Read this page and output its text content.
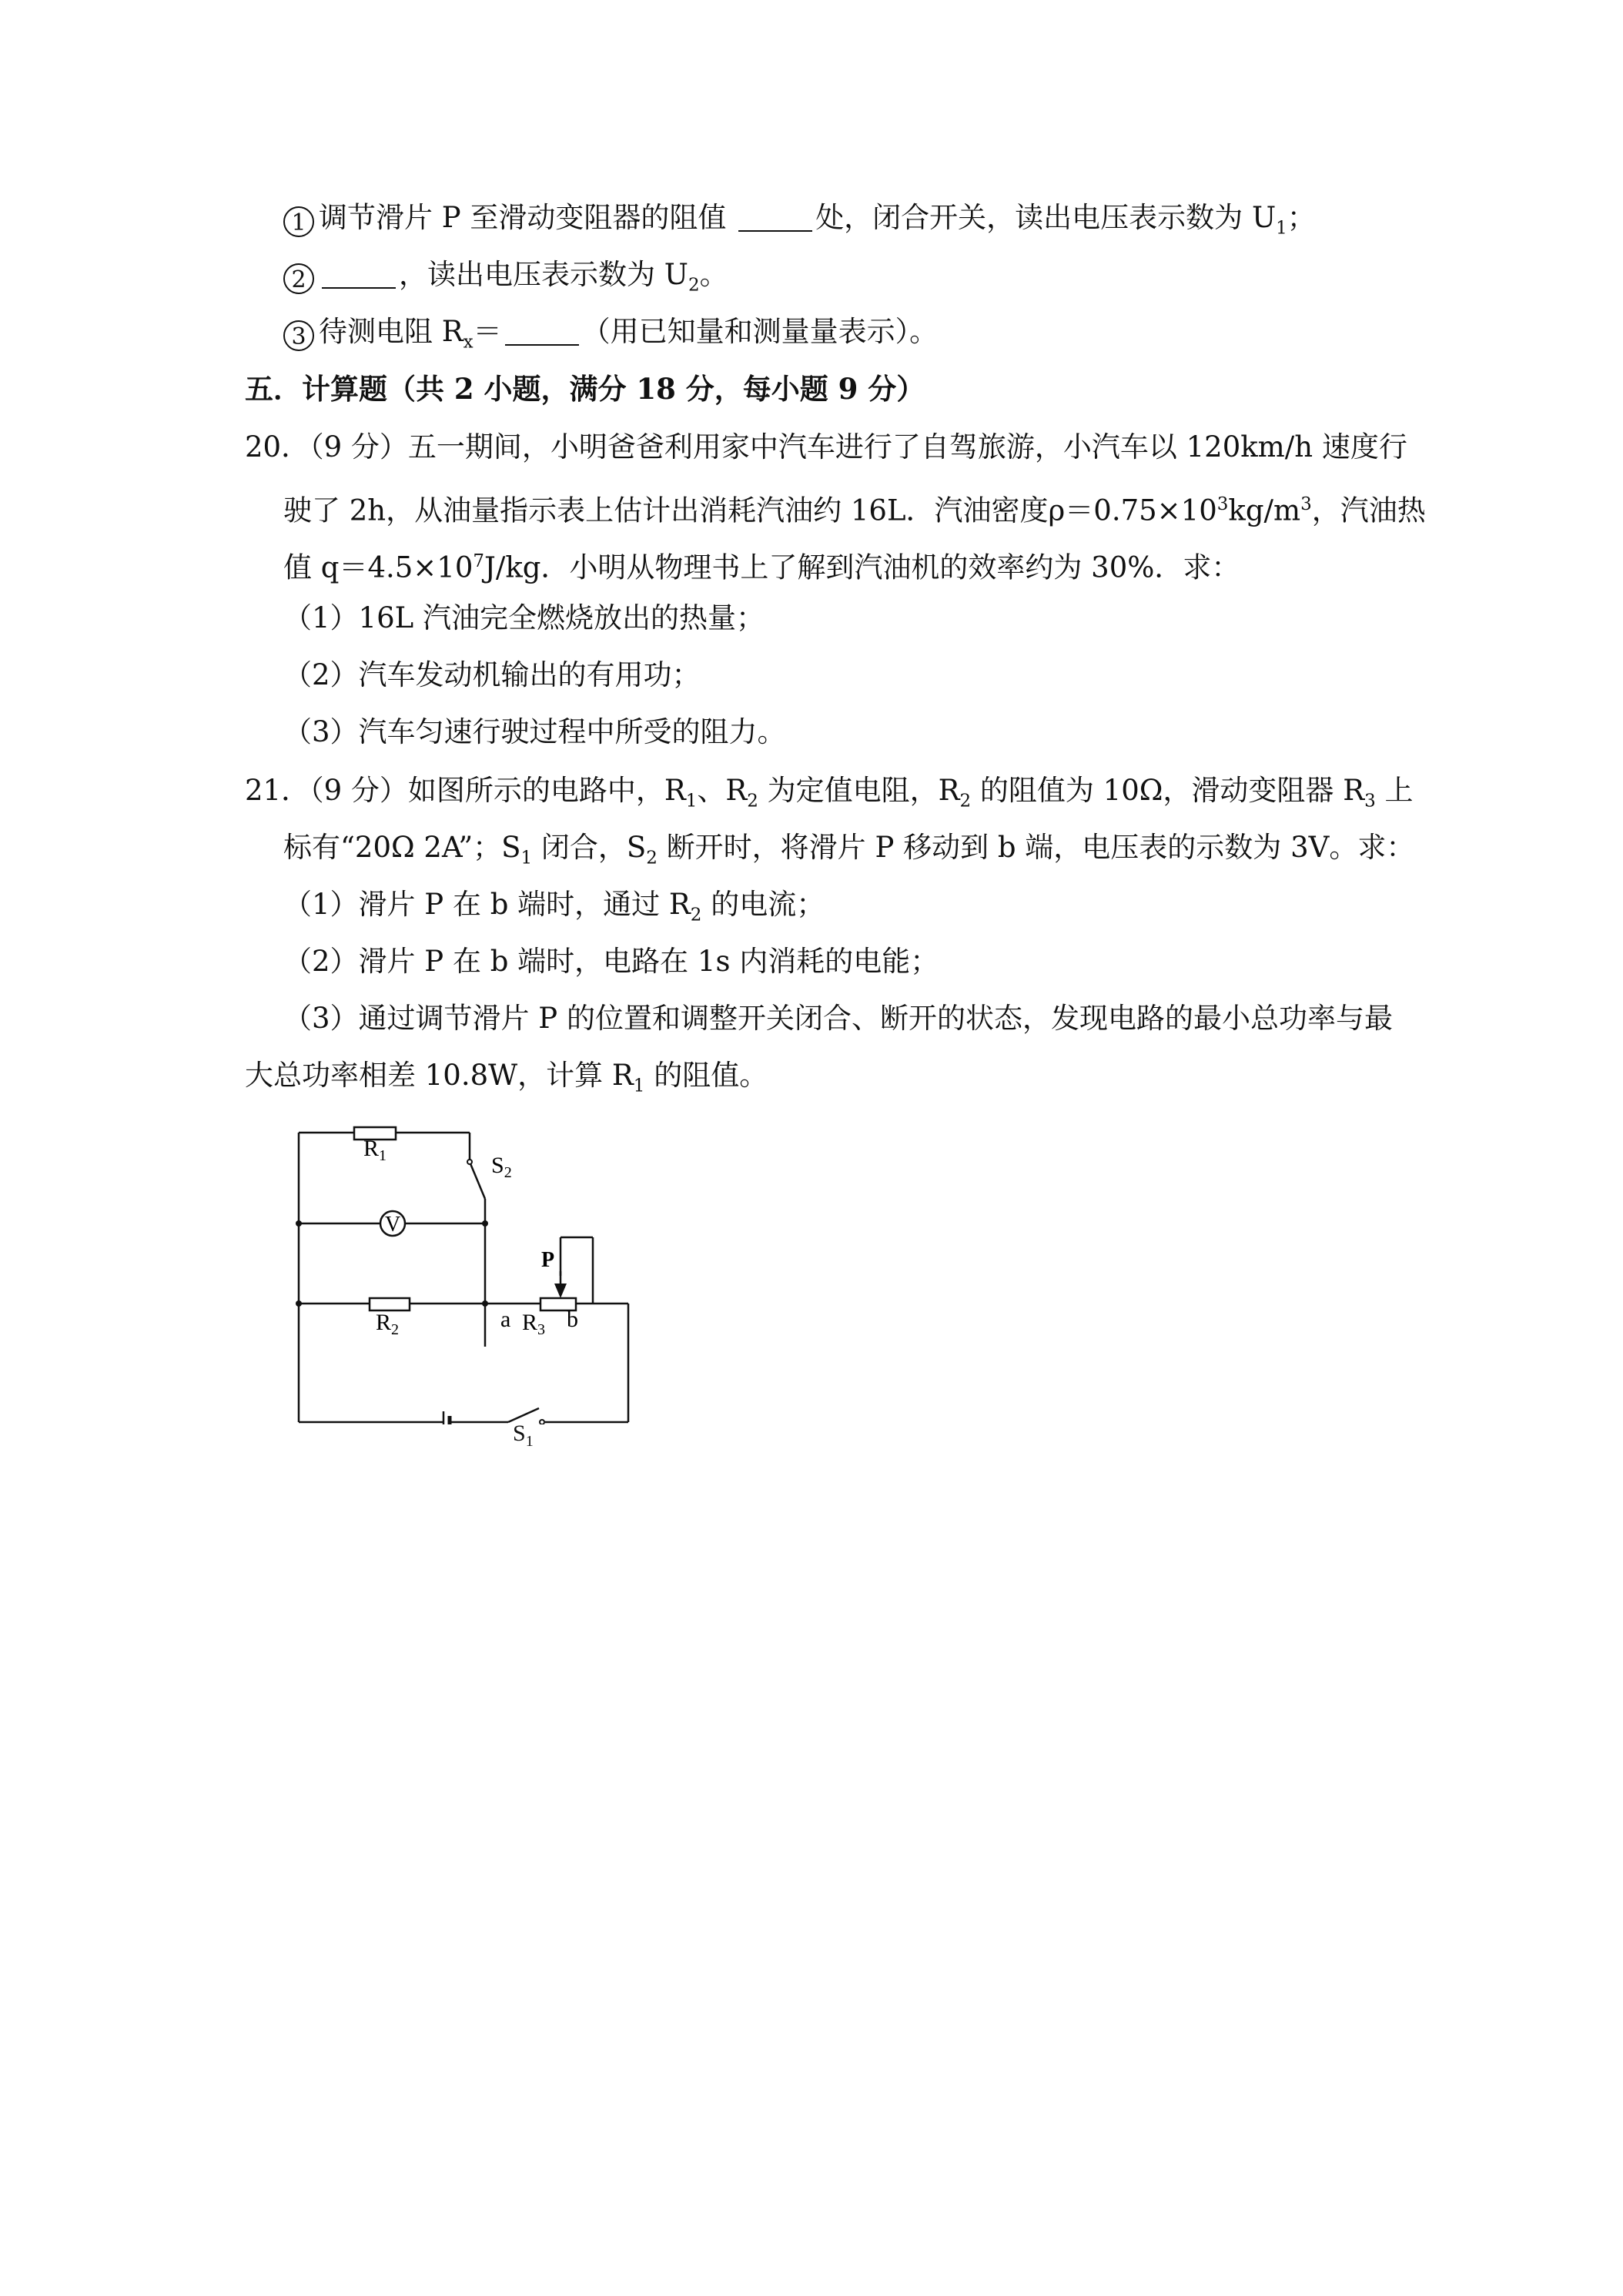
1 调节滑片 P 至滑动变阻器的阻值	处，闭合开关，读出电压表示数为 $U_1$；
2	，读出电压表示数为 $U_2$。
3 待测电阻 $R_x=$	（用已知量和测量量表示）。
五．计算题（共 2 小题，满分 18 分，每小题 9 分）
20．（9 分）五一期间，小明爸爸利用家中汽车进行了自驾旅游，小汽车以 120km/h 速度行
驶了 2h，从油量指示表上估计出消耗汽油约 16L．汽油密度$\rho=0.75\times 10^3kg/m^3$，汽油热
值 $q=4.5\times 10^7J/kg$．小明从物理书上了解到汽油机的效率约为 30%．求：
（1）16L 汽油完全燃烧放出的热量；
（2）汽车发动机输出的有用功；
（3）汽车匀速行驶过程中所受的阻力。
21．（9 分）如图所示的电路中，$R_1$、$R_2$ 为定值电阻，$R_2$ 的阻值为 10Ω，滑动变阻器 $R_3$ 上
标有“20Ω 2A”；$S_1$ 闭合，$S_2$ 断开时，将滑片 P 移动到 b 端，电压表的示数为 3V。求：
（1）滑片 P 在 b 端时，通过 $R_2$ 的电流；
（2）滑片 P 在 b 端时，电路在 1s 内消耗的电能；
（3）通过调节滑片 P 的位置和调整开关闭合、断开的状态，发现电路的最小总功率与最
大总功率相差 10.8W，计算 $R_1$ 的阻值。
$R_1$	$S_2$
V
P
$R_2$	a $R_3$ b
$S_1$
